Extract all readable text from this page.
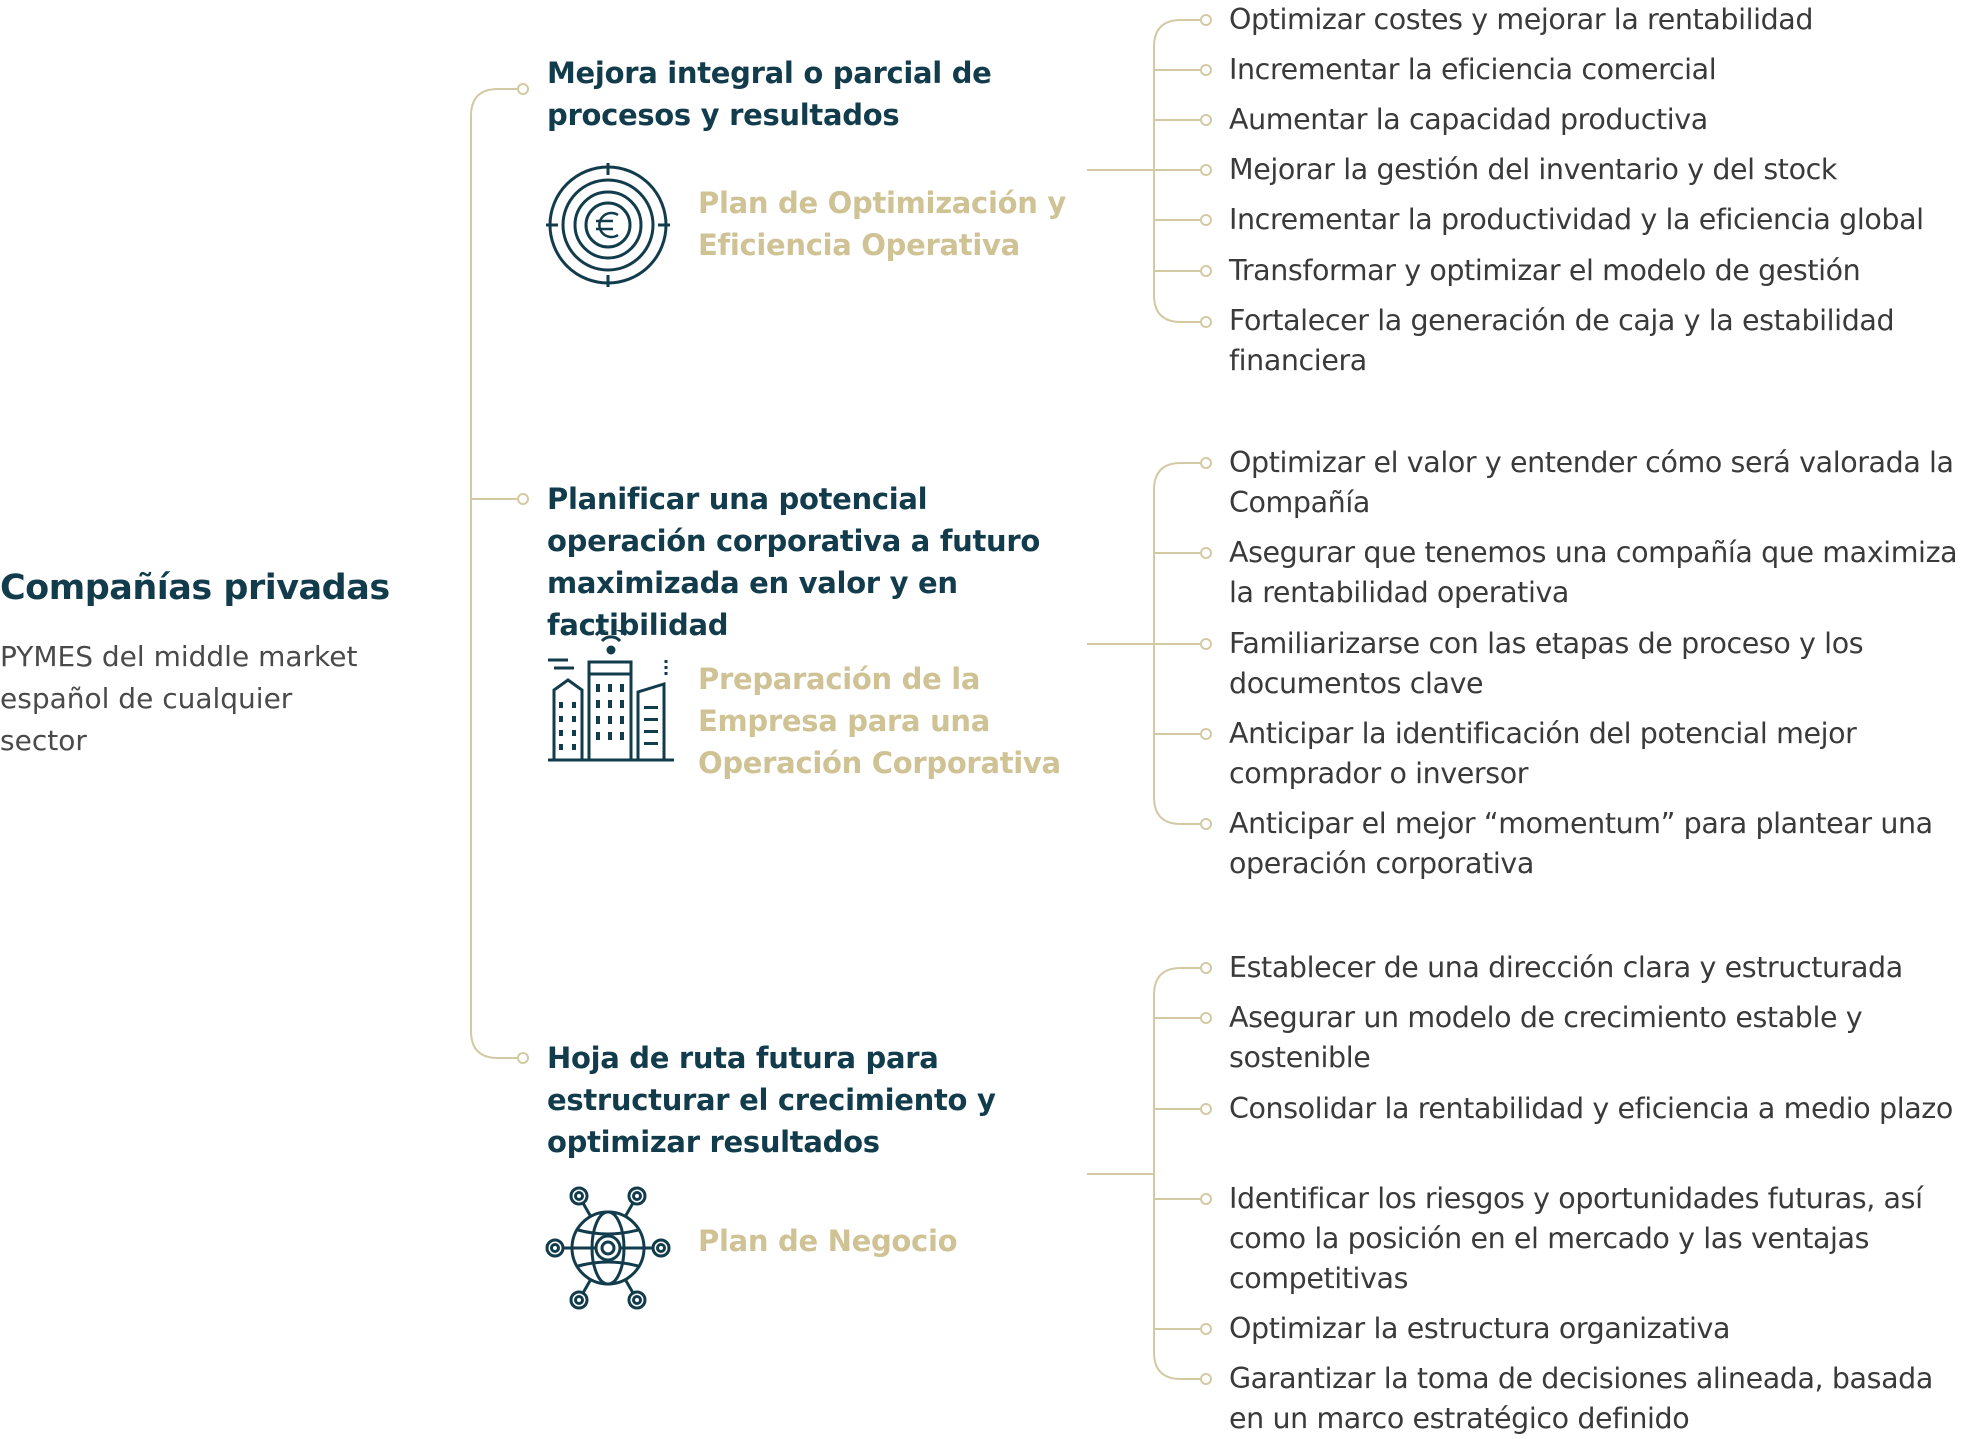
Compañías privadas
PYMES del middle market español de cualquier sector
Mejora integral o parcial de procesos y resultados
Plan de Optimización y Eficiencia Operativa
Optimizar costes y mejorar la rentabilidad
Incrementar la eficiencia comercial
Aumentar la capacidad productiva
Mejorar la gestión del inventario y del stock
Incrementar la productividad y la eficiencia global
Transformar y optimizar el modelo de gestión
Fortalecer la generación de caja y la estabilidad financiera
Planificar una potencial operación corporativa a futuro maximizada en valor y en factibilidad
Preparación de la Empresa para una Operación Corporativa
Optimizar el valor y entender cómo será valorada la Compañía
Asegurar que tenemos una compañía que maximiza la rentabilidad operativa
Familiarizarse con las etapas de proceso y los documentos clave
Anticipar la identificación del potencial mejor comprador o inversor
Anticipar el mejor “momentum” para plantear una operación corporativa
Hoja de ruta futura para estructurar el crecimiento y optimizar resultados
Plan de Negocio
Establecer de una dirección clara y estructurada
Asegurar un modelo de crecimiento estable y sostenible
Consolidar la rentabilidad y eficiencia a medio plazo
Identificar los riesgos y oportunidades futuras, así como la posición en el mercado y las ventajas competitivas
Optimizar la estructura organizativa
Garantizar la toma de decisiones alineada, basada en un marco estratégico definido
